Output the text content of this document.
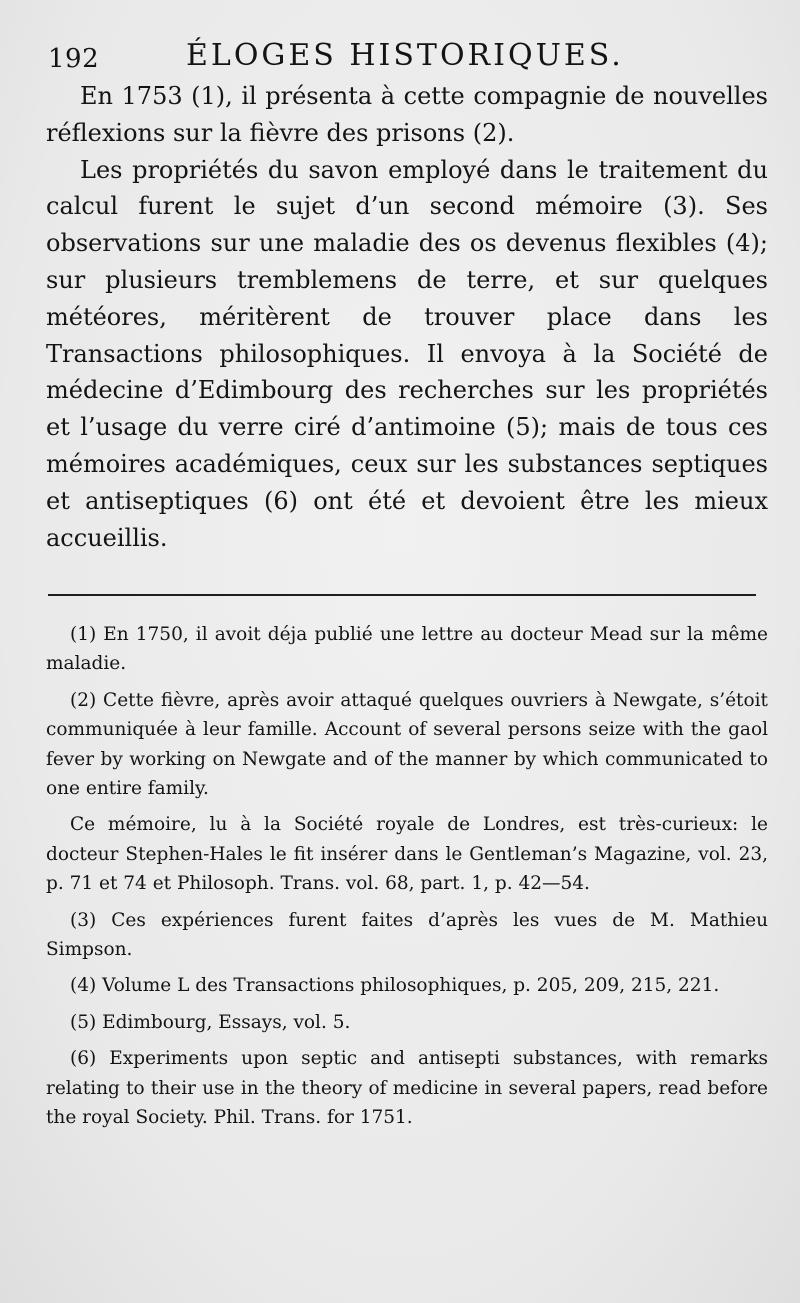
192	ÉLOGES HISTORIQUES.

En 1753 (1), il présenta à cette compagnie de nouvelles réflexions sur la fièvre des prisons (2).

Les propriétés du savon employé dans le traitement du calcul furent le sujet d’un second mémoire (3). Ses observations sur une maladie des os devenus flexibles (4); sur plusieurs tremblemens de terre, et sur quelques météores, méritèrent de trouver place dans les Transactions philosophiques. Il envoya à la Société de médecine d’Edimbourg des recherches sur les propriétés et l’usage du verre ciré d’antimoine (5); mais de tous ces mémoires académiques, ceux sur les substances septiques et antiseptiques (6) ont été et devoient être les mieux accueillis.

(1) En 1750, il avoit déja publié une lettre au docteur Mead sur la même maladie.

(2) Cette fièvre, après avoir attaqué quelques ouvriers à Newgate, s’étoit communiquée à leur famille. Account of several persons seize with the gaol fever by working on Newgate and of the manner by which communicated to one entire family.

Ce mémoire, lu à la Société royale de Londres, est très-curieux: le docteur Stephen-Hales le fit insérer dans le Gentleman’s Magazine, vol. 23, p. 71 et 74 et Philosoph. Trans. vol. 68, part. 1, p. 42—54.

(3) Ces expériences furent faites d’après les vues de M. Mathieu Simpson.

(4) Volume L des Transactions philosophiques, p. 205, 209, 215, 221.

(5) Edimbourg, Essays, vol. 5.

(6) Experiments upon septic and antisepti substances, with remarks relating to their use in the theory of medicine in several papers, read before the royal Society. Phil. Trans. for 1751.
